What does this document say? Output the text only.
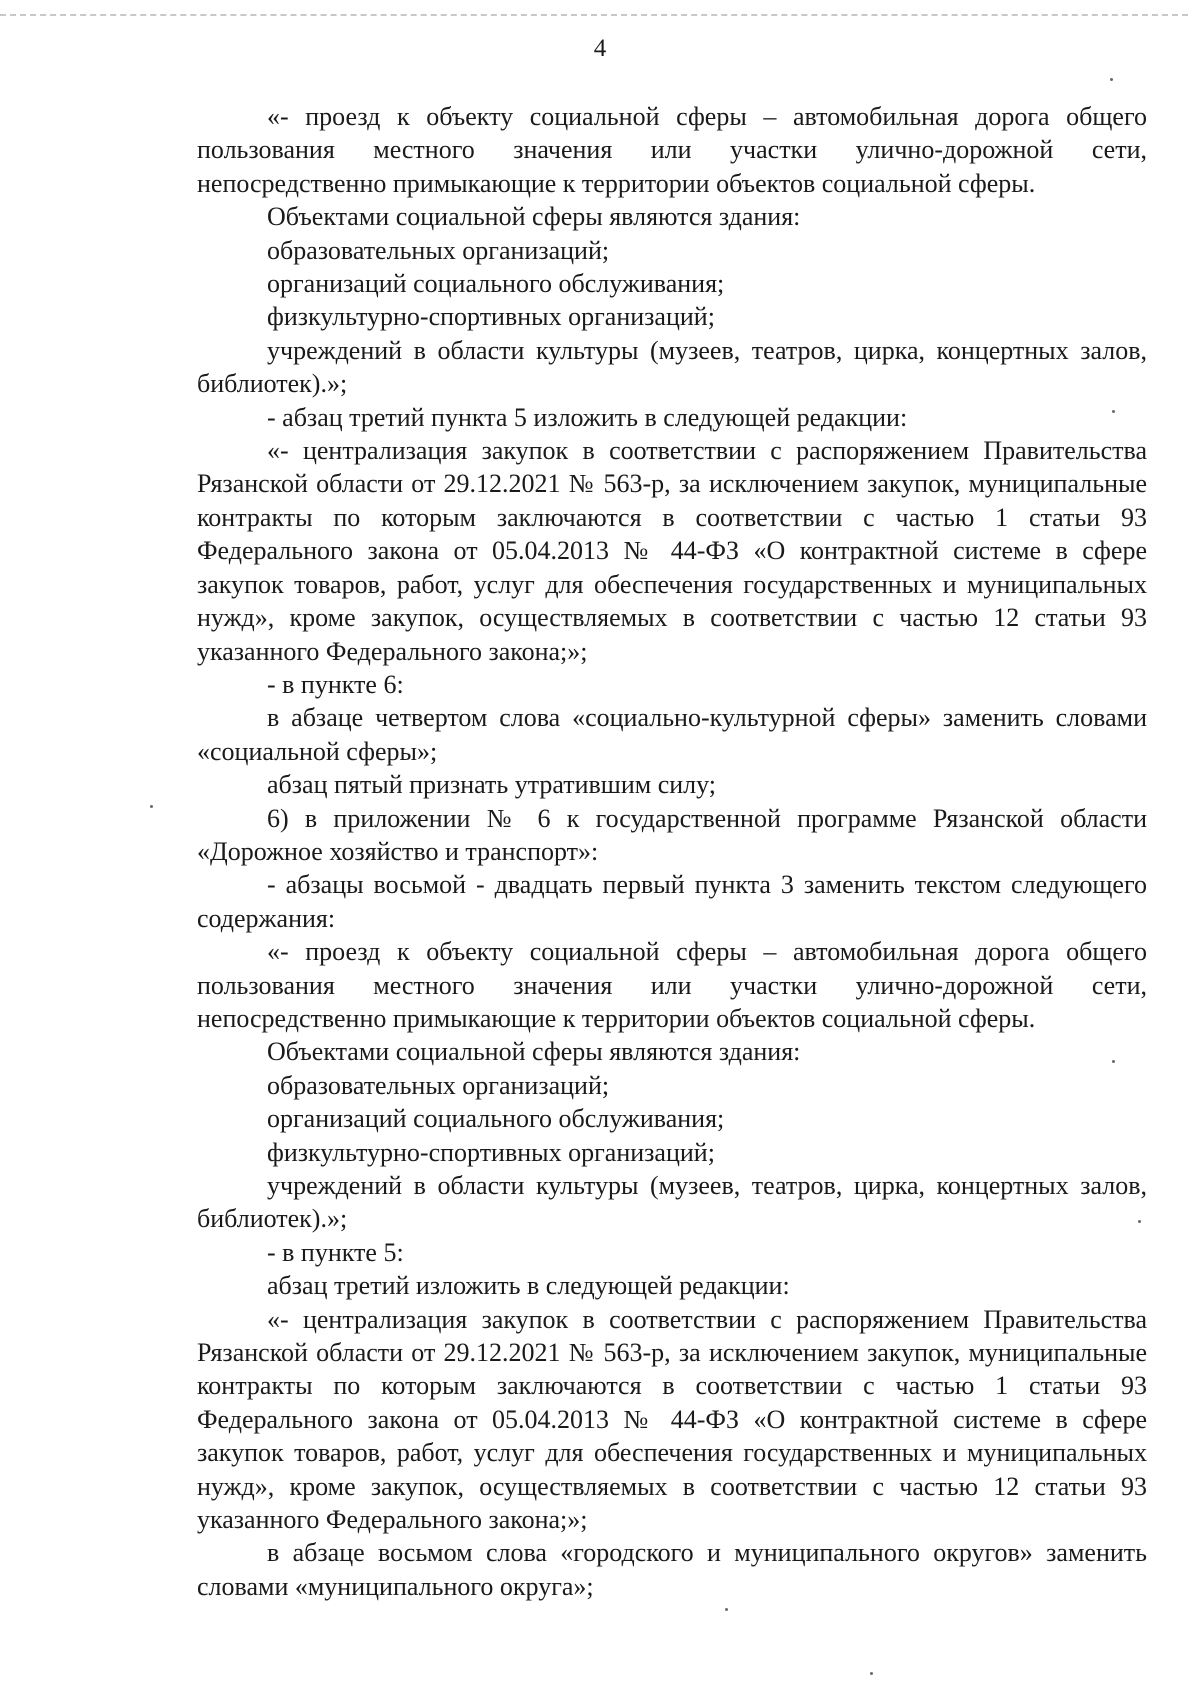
4

«- проезд к объекту социальной сферы – автомобильная дорога общего пользования местного значения или участки улично-дорожной сети, непосредственно примыкающие к территории объектов социальной сферы.

Объектами социальной сферы являются здания:

образовательных организаций;

организаций социального обслуживания;

физкультурно-спортивных организаций;

учреждений в области культуры (музеев, театров, цирка, концертных залов, библиотек).»;

- абзац третий пункта 5 изложить в следующей редакции:

«- централизация закупок в соответствии с распоряжением Правительства Рязанской области от 29.12.2021 № 563-р, за исключением закупок, муниципальные контракты по которым заключаются в соответствии с частью 1 статьи 93 Федерального закона от 05.04.2013 № 44-ФЗ «О контрактной системе в сфере закупок товаров, работ, услуг для обеспечения государственных и муниципальных нужд», кроме закупок, осуществляемых в соответствии с частью 12 статьи 93 указанного Федерального закона;»;

- в пункте 6:

в абзаце четвертом слова «социально-культурной сферы» заменить словами «социальной сферы»;

абзац пятый признать утратившим силу;

6) в приложении № 6 к государственной программе Рязанской области «Дорожное хозяйство и транспорт»:

- абзацы восьмой - двадцать первый пункта 3 заменить текстом следующего содержания:

«- проезд к объекту социальной сферы – автомобильная дорога общего пользования местного значения или участки улично-дорожной сети, непосредственно примыкающие к территории объектов социальной сферы.

Объектами социальной сферы являются здания:

образовательных организаций;

организаций социального обслуживания;

физкультурно-спортивных организаций;

учреждений в области культуры (музеев, театров, цирка, концертных залов, библиотек).»;

- в пункте 5:

абзац третий изложить в следующей редакции:

«- централизация закупок в соответствии с распоряжением Правительства Рязанской области от 29.12.2021 № 563-р, за исключением закупок, муниципальные контракты по которым заключаются в соответствии с частью 1 статьи 93 Федерального закона от 05.04.2013 № 44-ФЗ «О контрактной системе в сфере закупок товаров, работ, услуг для обеспечения государственных и муниципальных нужд», кроме закупок, осуществляемых в соответствии с частью 12 статьи 93 указанного Федерального закона;»;

в абзаце восьмом слова «городского и муниципального округов» заменить словами «муниципального округа»;
